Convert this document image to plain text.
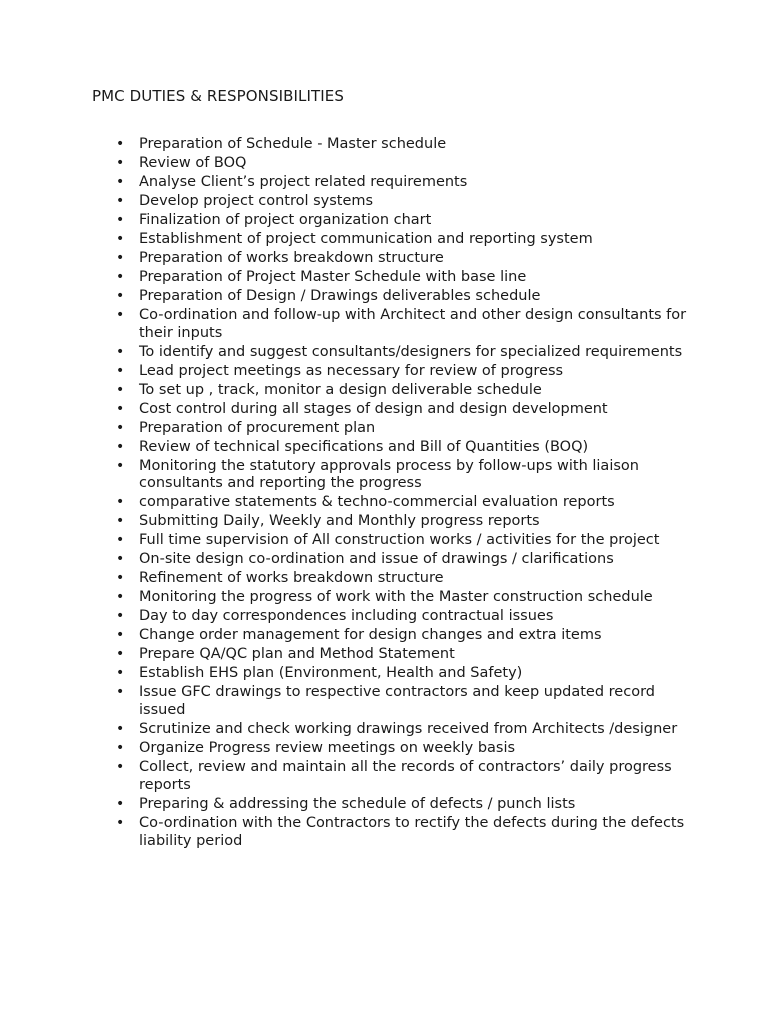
PMC DUTIES & RESPONSIBILITIES
• Preparation of Schedule - Master schedule
• Review of BOQ
• Analyse Client’s project related requirements
• Develop project control systems
• Finalization of project organization chart
• Establishment of project communication and reporting system
• Preparation of works breakdown structure
• Preparation of Project Master Schedule with base line
• Preparation of Design / Drawings deliverables schedule
• Co-ordination and follow-up with Architect and other design consultants for their inputs
• To identify and suggest consultants/designers for specialized requirements
• Lead project meetings as necessary for review of progress
• To set up , track, monitor a design deliverable schedule
• Cost control during all stages of design and design development
• Preparation of procurement plan
• Review of technical specifications and Bill of Quantities (BOQ)
• Monitoring the statutory approvals process by follow-ups with liaison consultants and reporting the progress
• comparative statements & techno-commercial evaluation reports
• Submitting Daily, Weekly and Monthly progress reports
• Full time supervision of All construction works / activities for the project
• On-site design co-ordination and issue of drawings / clarifications
• Refinement of works breakdown structure
• Monitoring the progress of work with the Master construction schedule
• Day to day correspondences including contractual issues
• Change order management for design changes and extra items
• Prepare QA/QC plan and Method Statement
• Establish EHS plan (Environment, Health and Safety)
• Issue GFC drawings to respective contractors and keep updated record issued
• Scrutinize and check working drawings received from Architects /designer
• Organize Progress review meetings on weekly basis
• Collect, review and maintain all the records of contractors’ daily progress reports
• Preparing & addressing the schedule of defects / punch lists
• Co-ordination with the Contractors to rectify the defects during the defects liability period
